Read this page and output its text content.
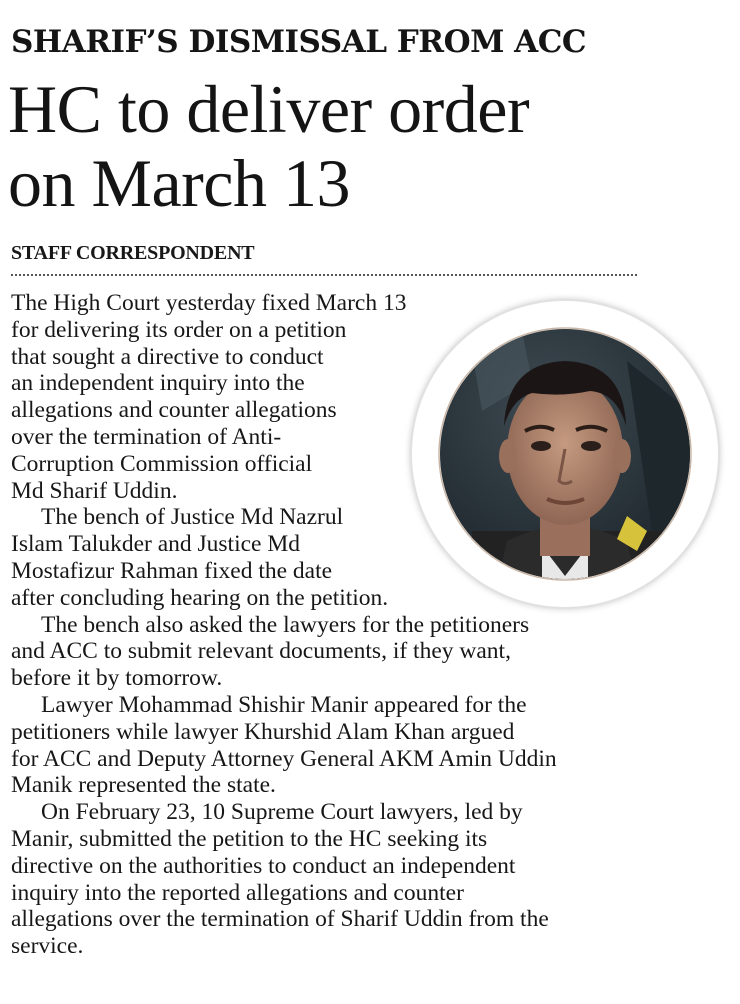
SHARIF’S DISMISSAL FROM ACC
HC to deliver order
on March 13
STAFF CORRESPONDENT
The High Court yesterday fixed March 13
for delivering its order on a petition
that sought a directive to conduct
an independent inquiry into the
allegations and counter allegations
over the termination of Anti-
Corruption Commission official
Md Sharif Uddin.
The bench of Justice Md Nazrul
Islam Talukder and Justice Md
Mostafizur Rahman fixed the date
after concluding hearing on the petition.
The bench also asked the lawyers for the petitioners
and ACC to submit relevant documents, if they want,
before it by tomorrow.
Lawyer Mohammad Shishir Manir appeared for the
petitioners while lawyer Khurshid Alam Khan argued
for ACC and Deputy Attorney General AKM Amin Uddin
Manik represented the state.
On February 23, 10 Supreme Court lawyers, led by
Manir, submitted the petition to the HC seeking its
directive on the authorities to conduct an independent
inquiry into the reported allegations and counter
allegations over the termination of Sharif Uddin from the
service.
